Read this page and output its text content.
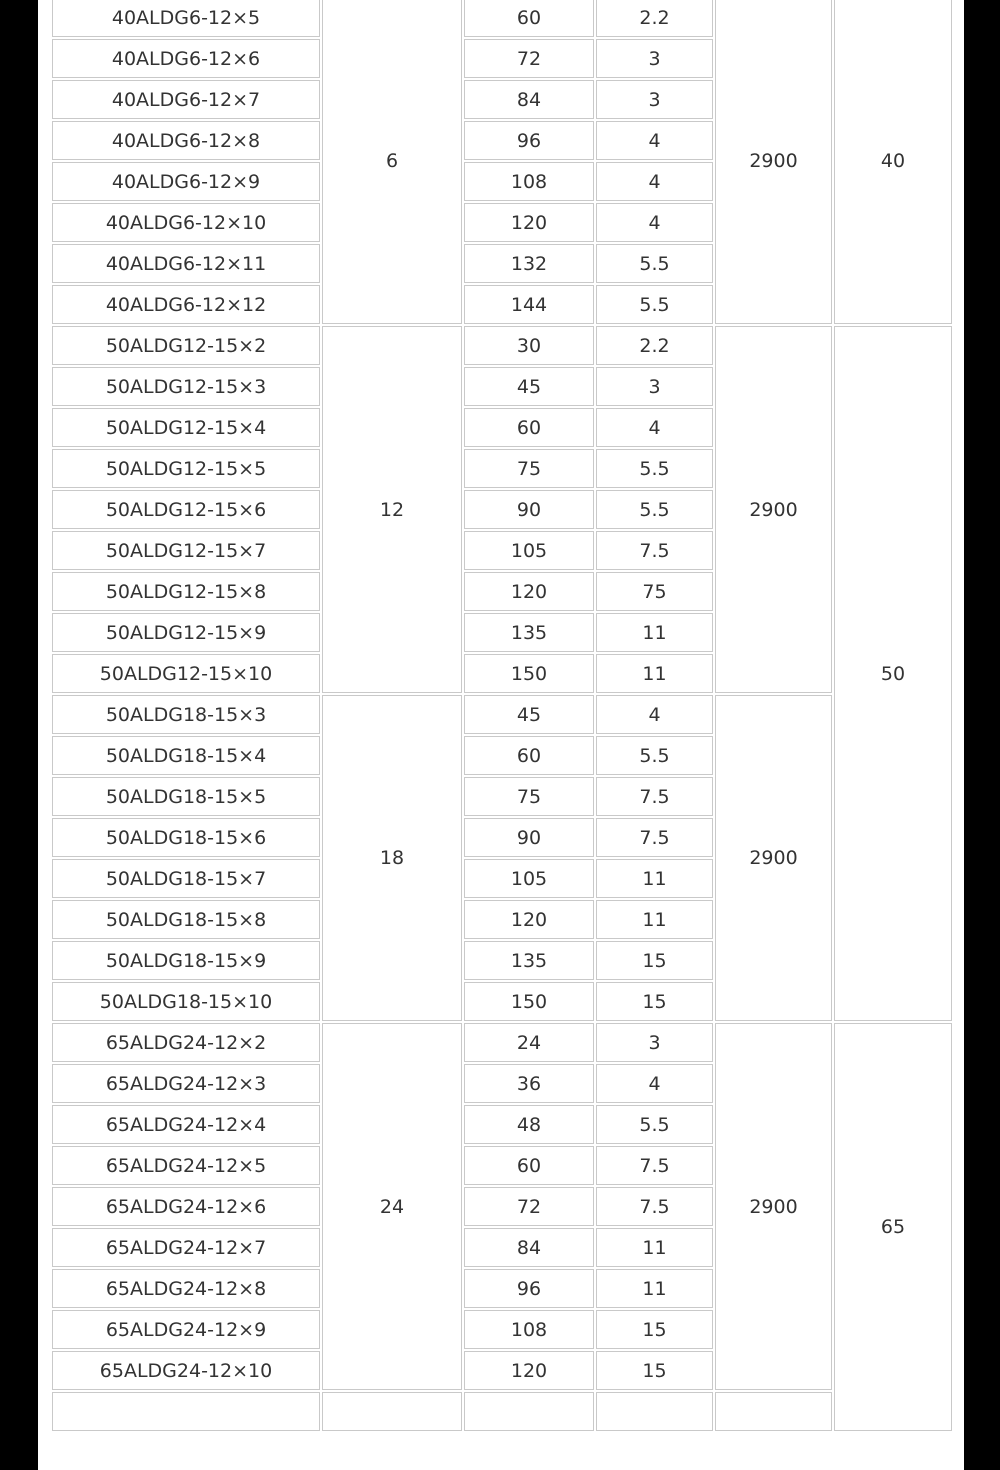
40ALDG6-12×5	6	60	2.2	2900	40
40ALDG6-12×6		72	3		
40ALDG6-12×7		84	3		
40ALDG6-12×8		96	4		
40ALDG6-12×9		108	4		
40ALDG6-12×10		120	4		
40ALDG6-12×11		132	5.5		
40ALDG6-12×12		144	5.5		
50ALDG12-15×2	12	30	2.2	2900	50
50ALDG12-15×3		45	3		
50ALDG12-15×4		60	4		
50ALDG12-15×5		75	5.5		
50ALDG12-15×6		90	5.5		
50ALDG12-15×7		105	7.5		
50ALDG12-15×8		120	75		
50ALDG12-15×9		135	11		
50ALDG12-15×10		150	11		
50ALDG18-15×3	18	45	4	2900	
50ALDG18-15×4		60	5.5		
50ALDG18-15×5		75	7.5		
50ALDG18-15×6		90	7.5		
50ALDG18-15×7		105	11		
50ALDG18-15×8		120	11		
50ALDG18-15×9		135	15		
50ALDG18-15×10		150	15		
65ALDG24-12×2	24	24	3	2900	65
65ALDG24-12×3		36	4		
65ALDG24-12×4		48	5.5		
65ALDG24-12×5		60	7.5		
65ALDG24-12×6		72	7.5		
65ALDG24-12×7		84	11		
65ALDG24-12×8		96	11		
65ALDG24-12×9		108	15		
65ALDG24-12×10		120	15		
